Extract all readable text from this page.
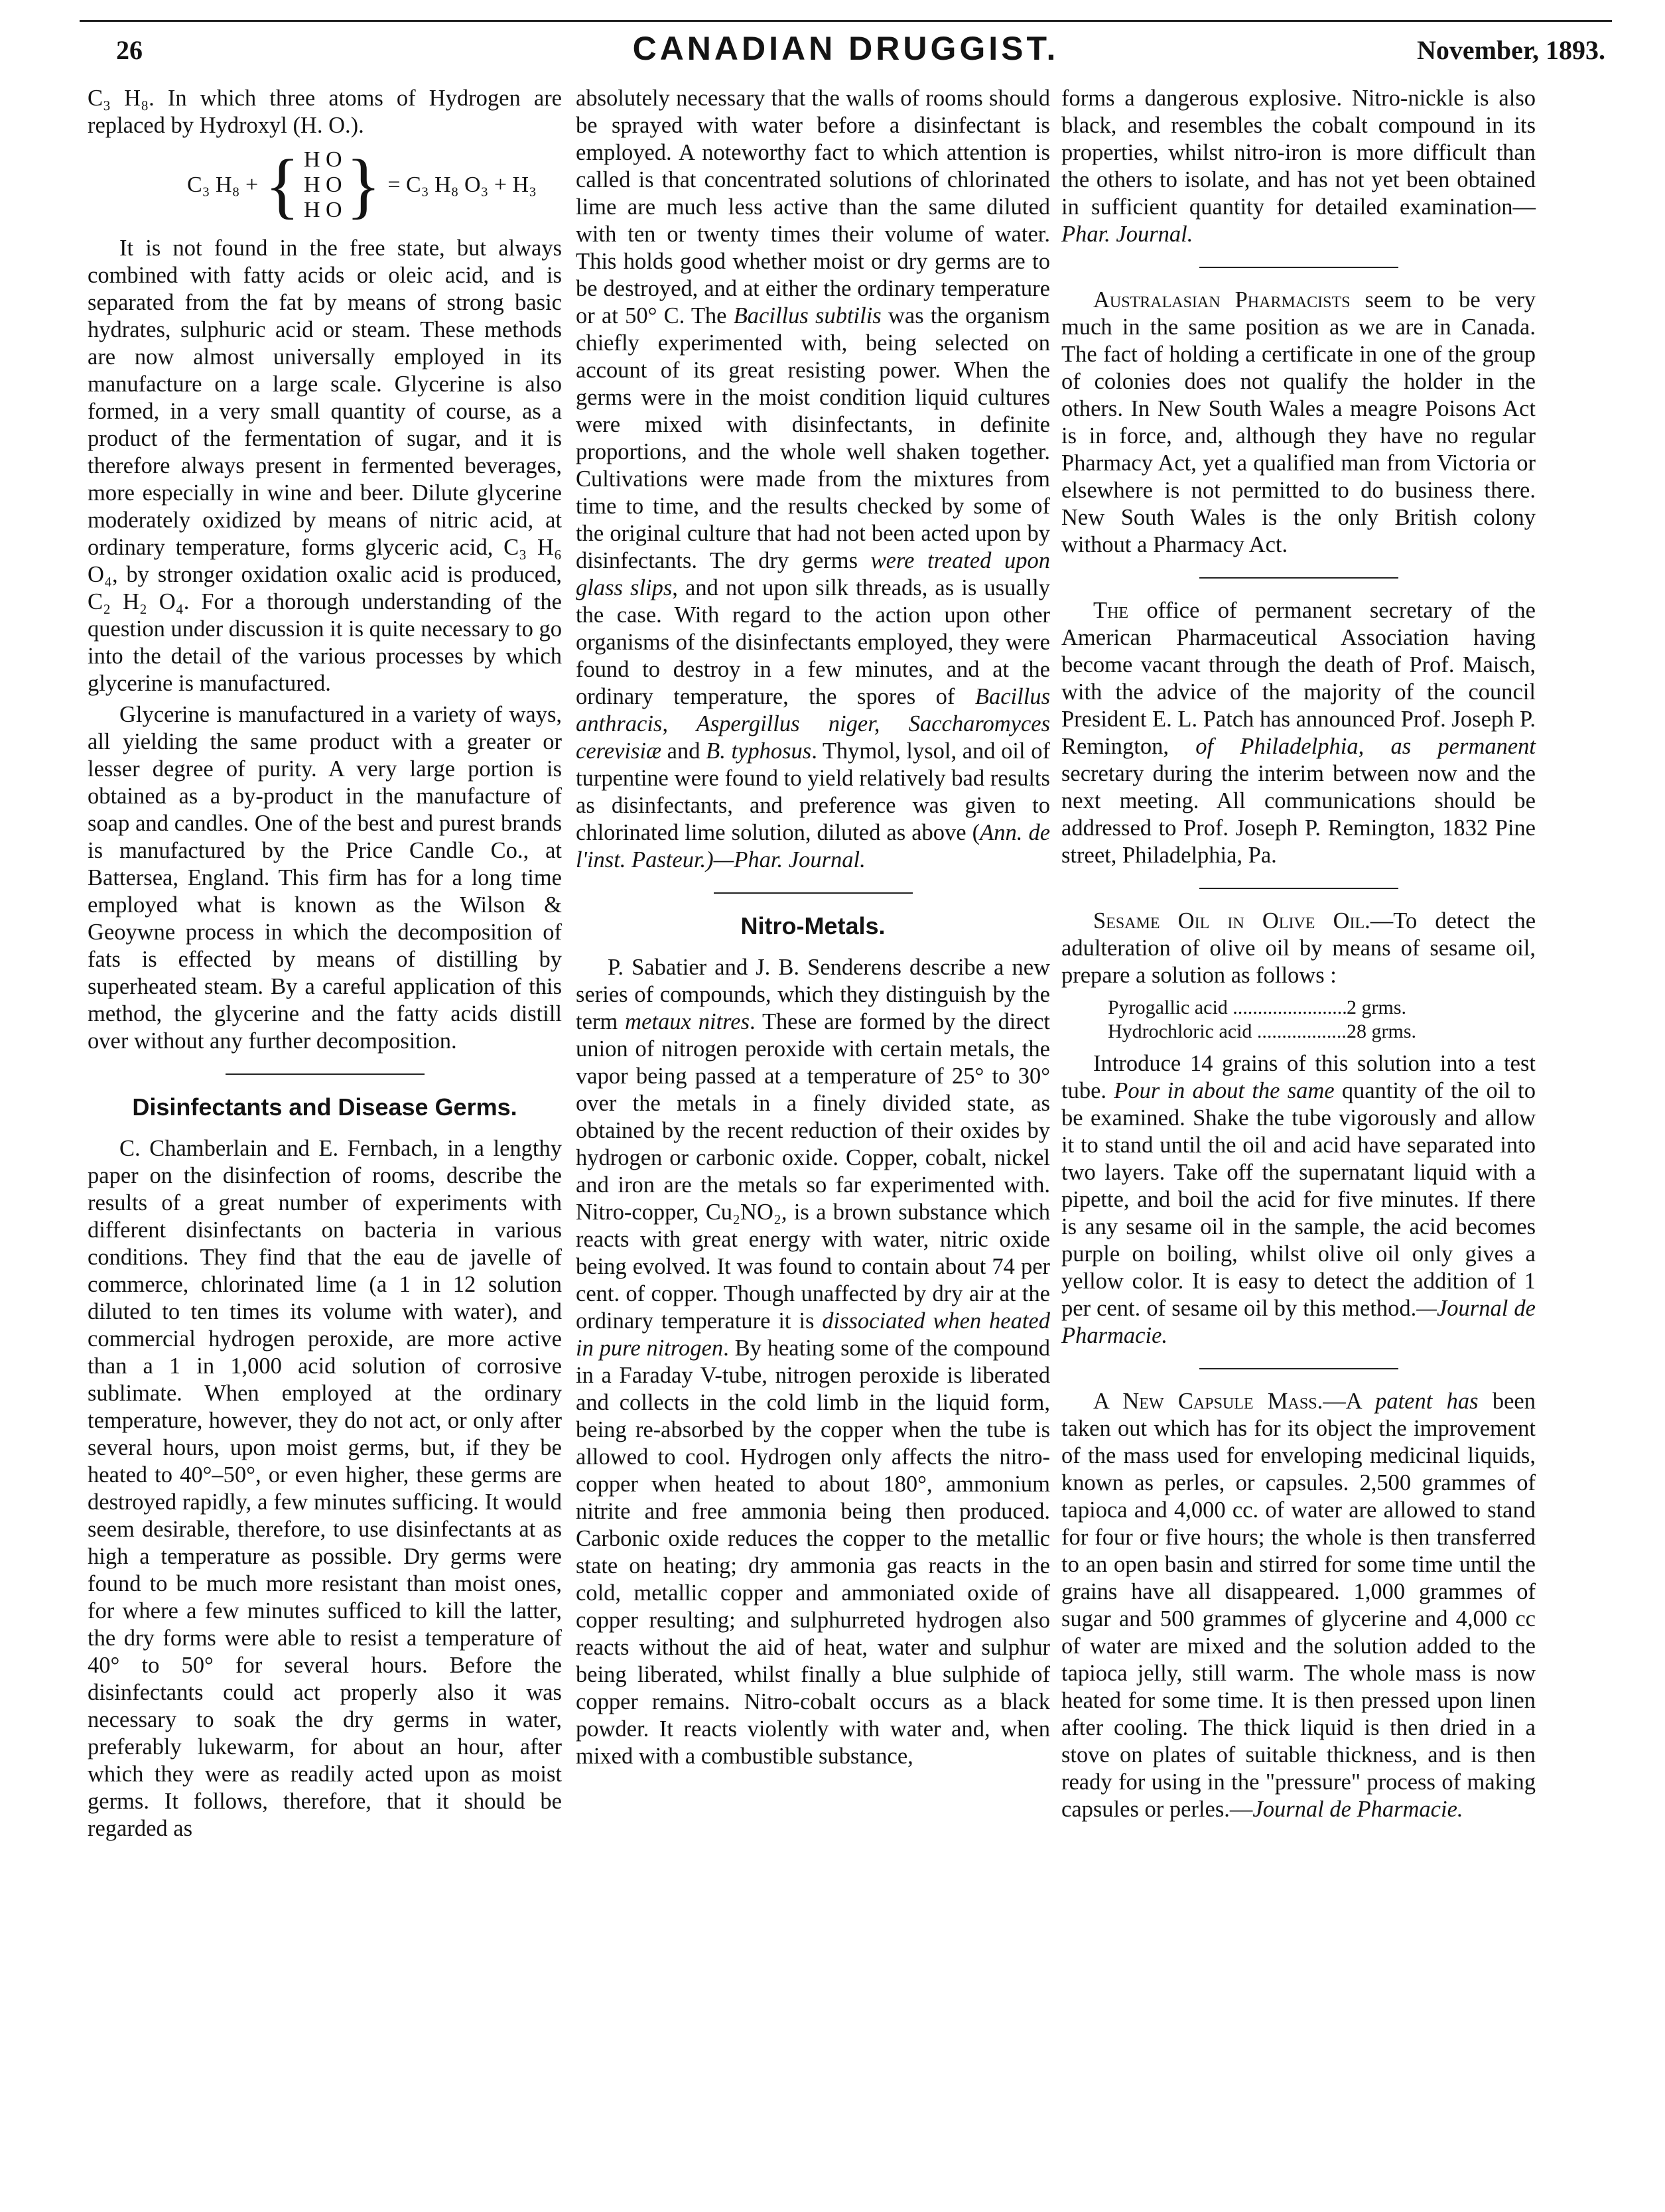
26	CANADIAN DRUGGIST.	November, 1893.

C₃ H₈. In which three atoms of Hydrogen are replaced by Hydroxyl (H. O.).

C₃ H₈ + { H O
H O
H O } = C₃ H₈ O₃ + H₃

It is not found in the free state, but always combined with fatty acids or oleic acid, and is separated from the fat by means of strong basic hydrates, sulphuric acid or steam. These methods are now almost universally employed in its manufacture on a large scale. Glycerine is also formed, in a very small quantity of course, as a product of the fermentation of sugar, and it is therefore always present in fermented beverages, more especially in wine and beer. Dilute glycerine moderately oxidized by means of nitric acid, at ordinary temperature, forms glyceric acid, C₃ H₆ O₄, by stronger oxidation oxalic acid is produced, C₂ H₂ O₄. For a thorough understanding of the question under discussion it is quite necessary to go into the detail of the various processes by which glycerine is manufactured.

Glycerine is manufactured in a variety of ways, all yielding the same product with a greater or lesser degree of purity. A very large portion is obtained as a by-product in the manufacture of soap and candles. One of the best and purest brands is manufactured by the Price Candle Co., at Battersea, England. This firm has for a long time employed what is known as the Wilson & Geoywne process in which the decomposition of fats is effected by means of distilling by superheated steam. By a careful application of this method, the glycerine and the fatty acids distill over without any further decomposition.

Disinfectants and Disease Germs.

C. Chamberlain and E. Fernbach, in a lengthy paper on the disinfection of rooms, describe the results of a great number of experiments with different disinfectants on bacteria in various conditions. They find that the eau de javelle of commerce, chlorinated lime (a 1 in 12 solution diluted to ten times its volume with water), and commercial hydrogen peroxide, are more active than a 1 in 1,000 acid solution of corrosive sublimate. When employed at the ordinary temperature, however, they do not act, or only after several hours, upon moist germs, but, if they be heated to 40°–50°, or even higher, these germs are destroyed rapidly, a few minutes sufficing. It would seem desirable, therefore, to use disinfectants at as high a temperature as possible. Dry germs were found to be much more resistant than moist ones, for where a few minutes sufficed to kill the latter, the dry forms were able to resist a temperature of 40° to 50° for several hours. Before the disinfectants could act properly also it was necessary to soak the dry germs in water, preferably lukewarm, for about an hour, after which they were as readily acted upon as moist germs. It follows, therefore, that it should be regarded as

absolutely necessary that the walls of rooms should be sprayed with water before a disinfectant is employed. A noteworthy fact to which attention is called is that concentrated solutions of chlorinated lime are much less active than the same diluted with ten or twenty times their volume of water. This holds good whether moist or dry germs are to be destroyed, and at either the ordinary temperature or at 50° C. The Bacillus subtilis was the organism chiefly experimented with, being selected on account of its great resisting power. When the germs were in the moist condition liquid cultures were mixed with disinfectants, in definite proportions, and the whole well shaken together. Cultivations were made from the mixtures from time to time, and the results checked by some of the original culture that had not been acted upon by disinfectants. The dry germs were treated upon glass slips, and not upon silk threads, as is usually the case. With regard to the action upon other organisms of the disinfectants employed, they were found to destroy in a few minutes, and at the ordinary temperature, the spores of Bacillus anthracis, Aspergillus niger, Saccharomyces cerevisiæ and B. typhosus. Thymol, lysol, and oil of turpentine were found to yield relatively bad results as disinfectants, and preference was given to chlorinated lime solution, diluted as above (Ann. de l'inst. Pasteur.)—Phar. Journal.

Nitro-Metals.

P. Sabatier and J. B. Senderens describe a new series of compounds, which they distinguish by the term metaux nitres. These are formed by the direct union of nitrogen peroxide with certain metals, the vapor being passed at a temperature of 25° to 30° over the metals in a finely divided state, as obtained by the recent reduction of their oxides by hydrogen or carbonic oxide. Copper, cobalt, nickel and iron are the metals so far experimented with. Nitro-copper, Cu₂NO₂, is a brown substance which reacts with great energy with water, nitric oxide being evolved. It was found to contain about 74 per cent. of copper. Though unaffected by dry air at the ordinary temperature it is dissociated when heated in pure nitrogen. By heating some of the compound in a Faraday V-tube, nitrogen peroxide is liberated and collects in the cold limb in the liquid form, being re-absorbed by the copper when the tube is allowed to cool. Hydrogen only affects the nitro-copper when heated to about 180°, ammonium nitrite and free ammonia being then produced. Carbonic oxide reduces the copper to the metallic state on heating; dry ammonia gas reacts in the cold, metallic copper and ammoniated oxide of copper resulting; and sulphurreted hydrogen also reacts without the aid of heat, water and sulphur being liberated, whilst finally a blue sulphide of copper remains. Nitro-cobalt occurs as a black powder. It reacts violently with water and, when mixed with a combustible substance,

forms a dangerous explosive. Nitro-nickle is also black, and resembles the cobalt compound in its properties, whilst nitro-iron is more difficult than the others to isolate, and has not yet been obtained in sufficient quantity for detailed examination—Phar. Journal.

Australasian Pharmacists seem to be very much in the same position as we are in Canada. The fact of holding a certificate in one of the group of colonies does not qualify the holder in the others. In New South Wales a meagre Poisons Act is in force, and, although they have no regular Pharmacy Act, yet a qualified man from Victoria or elsewhere is not permitted to do business there. New South Wales is the only British colony without a Pharmacy Act.

The office of permanent secretary of the American Pharmaceutical Association having become vacant through the death of Prof. Maisch, with the advice of the majority of the council President E. L. Patch has announced Prof. Joseph P. Remington, of Philadelphia, as permanent secretary during the interim between now and the next meeting. All communications should be addressed to Prof. Joseph P. Remington, 1832 Pine street, Philadelphia, Pa.

Sesame Oil in Olive Oil.—To detect the adulteration of olive oil by means of sesame oil, prepare a solution as follows :

Pyrogallic acid .....	2 grms.
Hydrochloric acid .....	28 grms.

Introduce 14 grains of this solution into a test tube. Pour in about the same quantity of the oil to be examined. Shake the tube vigorously and allow it to stand until the oil and acid have separated into two layers. Take off the supernatant liquid with a pipette, and boil the acid for five minutes. If there is any sesame oil in the sample, the acid becomes purple on boiling, whilst olive oil only gives a yellow color. It is easy to detect the addition of 1 per cent. of sesame oil by this method.—Journal de Pharmacie.

A New Capsule Mass.—A patent has been taken out which has for its object the improvement of the mass used for enveloping medicinal liquids, known as perles, or capsules. 2,500 grammes of tapioca and 4,000 cc. of water are allowed to stand for four or five hours; the whole is then transferred to an open basin and stirred for some time until the grains have all disappeared. 1,000 grammes of sugar and 500 grammes of glycerine and 4,000 cc of water are mixed and the solution added to the tapioca jelly, still warm. The whole mass is now heated for some time. It is then pressed upon linen after cooling. The thick liquid is then dried in a stove on plates of suitable thickness, and is then ready for using in the "pressure" process of making capsules or perles.—Journal de Pharmacie.
